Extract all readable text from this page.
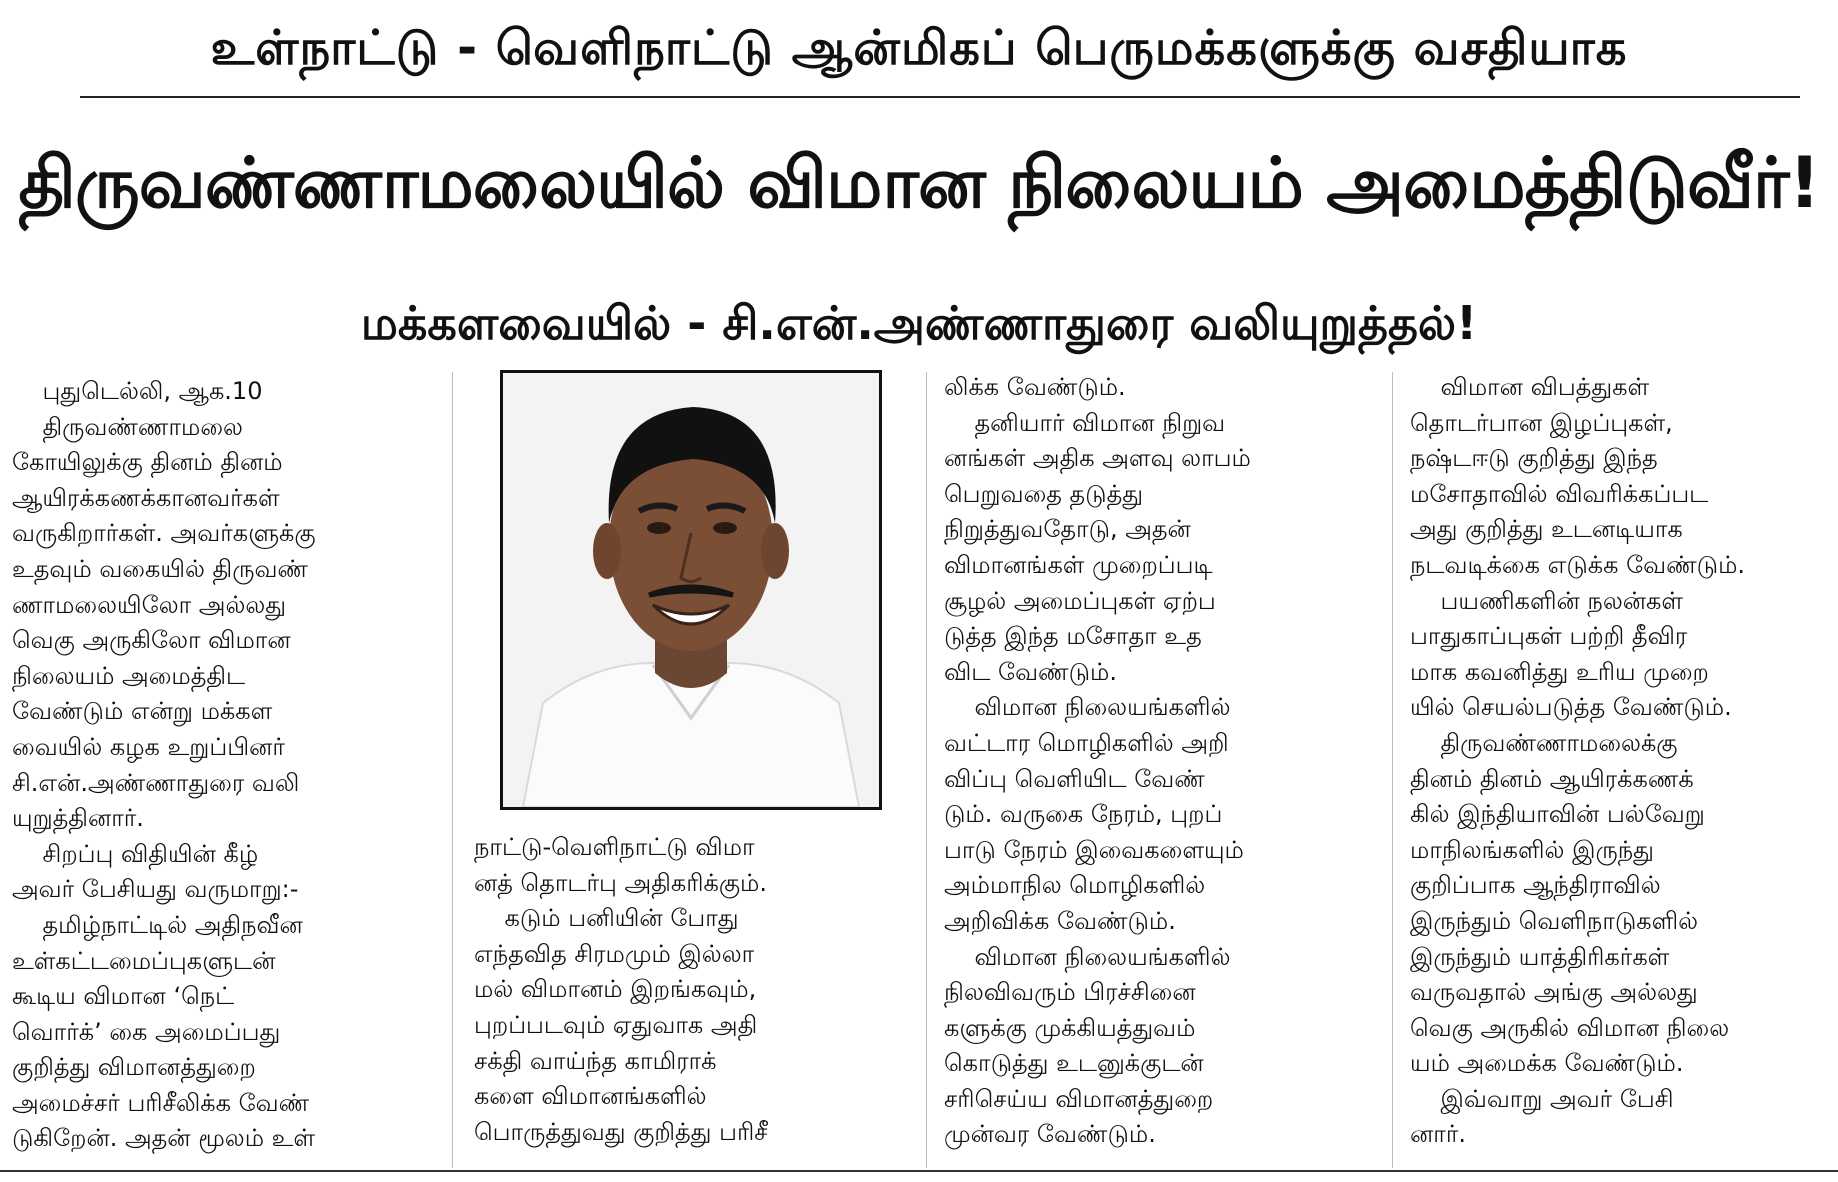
உள்நாட்டு - வெளிநாட்டு ஆன்மிகப் பெருமக்களுக்கு வசதியாக
திருவண்ணாமலையில் விமான நிலையம் அமைத்திடுவீர்!
மக்களவையில் - சி.என்.அண்ணாதுரை வலியுறுத்தல்!
புதுடெல்லி, ஆக.10
திருவண்ணாமலை
கோயிலுக்கு தினம் தினம்
ஆயிரக்கணக்கானவர்கள்
வருகிறார்கள். அவர்களுக்கு
உதவும் வகையில் திருவண்
ணாமலையிலோ அல்லது
வெகு அருகிலோ விமான
நிலையம் அமைத்திட
வேண்டும் என்று மக்கள
வையில் கழக உறுப்பினர்
சி.என்.அண்ணாதுரை வலி
யுறுத்தினார்.
சிறப்பு விதியின் கீழ்
அவர் பேசியது வருமாறு:-
தமிழ்நாட்டில் அதிநவீன
உள்கட்டமைப்புகளுடன்
கூடிய விமான ‘நெட்
வொர்க்’ கை அமைப்பது
குறித்து விமானத்துறை
அமைச்சர் பரிசீலிக்க வேண்
டுகிறேன். அதன் மூலம் உள்
நாட்டு-வெளிநாட்டு விமா
னத் தொடர்பு அதிகரிக்கும்.
கடும் பனியின் போது
எந்தவித சிரமமும் இல்லா
மல் விமானம் இறங்கவும்,
புறப்படவும் ஏதுவாக அதி
சக்தி வாய்ந்த காமிராக்
களை விமானங்களில்
பொருத்துவது குறித்து பரிசீ
லிக்க வேண்டும்.
தனியார் விமான நிறுவ
னங்கள் அதிக அளவு லாபம்
பெறுவதை தடுத்து
நிறுத்துவதோடு, அதன்
விமானங்கள் முறைப்படி
சூழல் அமைப்புகள் ஏற்ப
டுத்த இந்த மசோதா உத
விட வேண்டும்.
விமான நிலையங்களில்
வட்டார மொழிகளில் அறி
விப்பு வெளியிட வேண்
டும். வருகை நேரம், புறப்
பாடு நேரம் இவைகளையும்
அம்மாநில மொழிகளில்
அறிவிக்க வேண்டும்.
விமான நிலையங்களில்
நிலவிவரும் பிரச்சினை
களுக்கு முக்கியத்துவம்
கொடுத்து உடனுக்குடன்
சரிசெய்ய விமானத்துறை
முன்வர வேண்டும்.
விமான விபத்துகள்
தொடர்பான இழப்புகள்,
நஷ்டஈடு குறித்து இந்த
மசோதாவில் விவரிக்கப்பட
அது குறித்து உடனடியாக
நடவடிக்கை எடுக்க வேண்டும்.
பயணிகளின் நலன்கள்
பாதுகாப்புகள் பற்றி தீவிர
மாக கவனித்து உரிய முறை
யில் செயல்படுத்த வேண்டும்.
திருவண்ணாமலைக்கு
தினம் தினம் ஆயிரக்கணக்
கில் இந்தியாவின் பல்வேறு
மாநிலங்களில் இருந்து
குறிப்பாக ஆந்திராவில்
இருந்தும் வெளிநாடுகளில்
இருந்தும் யாத்திரிகர்கள்
வருவதால் அங்கு அல்லது
வெகு அருகில் விமான நிலை
யம் அமைக்க வேண்டும்.
இவ்வாறு அவர் பேசி
னார்.
